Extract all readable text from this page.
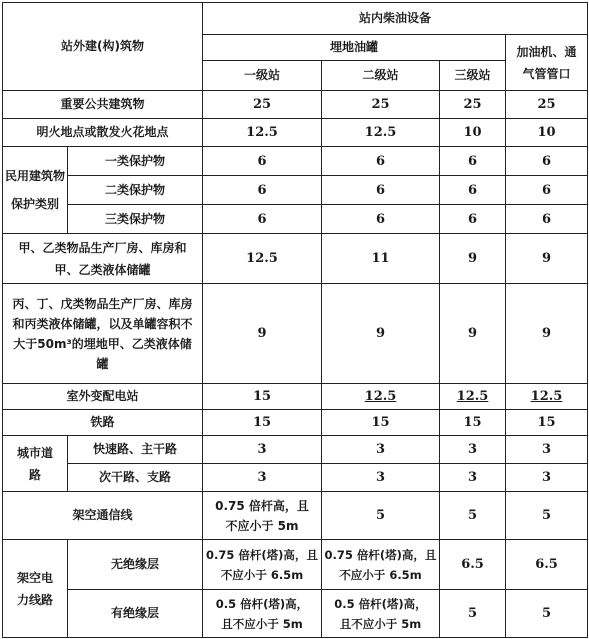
站外建(构)筑物		站内柴油设备			
		埋地油罐			加油机、通气管管口
		一级站	二级站	三级站	
重要公共建筑物		25	25	25	25
明火地点或散发火花地点		12.5	12.5	10	10
民用建筑物保护类别	一类保护物	6	6	6	6
	二类保护物	6	6	6	6
	三类保护物	6	6	6	6
甲、乙类物品生产厂房、库房和甲、乙类液体储罐		12.5	11	9	9
丙、丁、戊类物品生产厂房、库房和丙类液体储罐，以及单罐容积不大于50m³的埋地甲、乙类液体储罐		9	9	9	9
室外变配电站		15	12.5	12.5	12.5
铁路		15	15	15	15
城市道路	快速路、主干路	3	3	3	3
	次干路、支路	3	3	3	3
架空通信线		0.75 倍杆高，且不应小于 5m	5	5	5
架空电力线路	无绝缘层	0.75 倍杆(塔)高，且不应小于 6.5m	0.75 倍杆(塔)高，且不应小于 6.5m	6.5	6.5
	有绝缘层	0.5 倍杆(塔)高，且不应小于 5m	0.5 倍杆(塔)高，且不应小于 5m	5	5
